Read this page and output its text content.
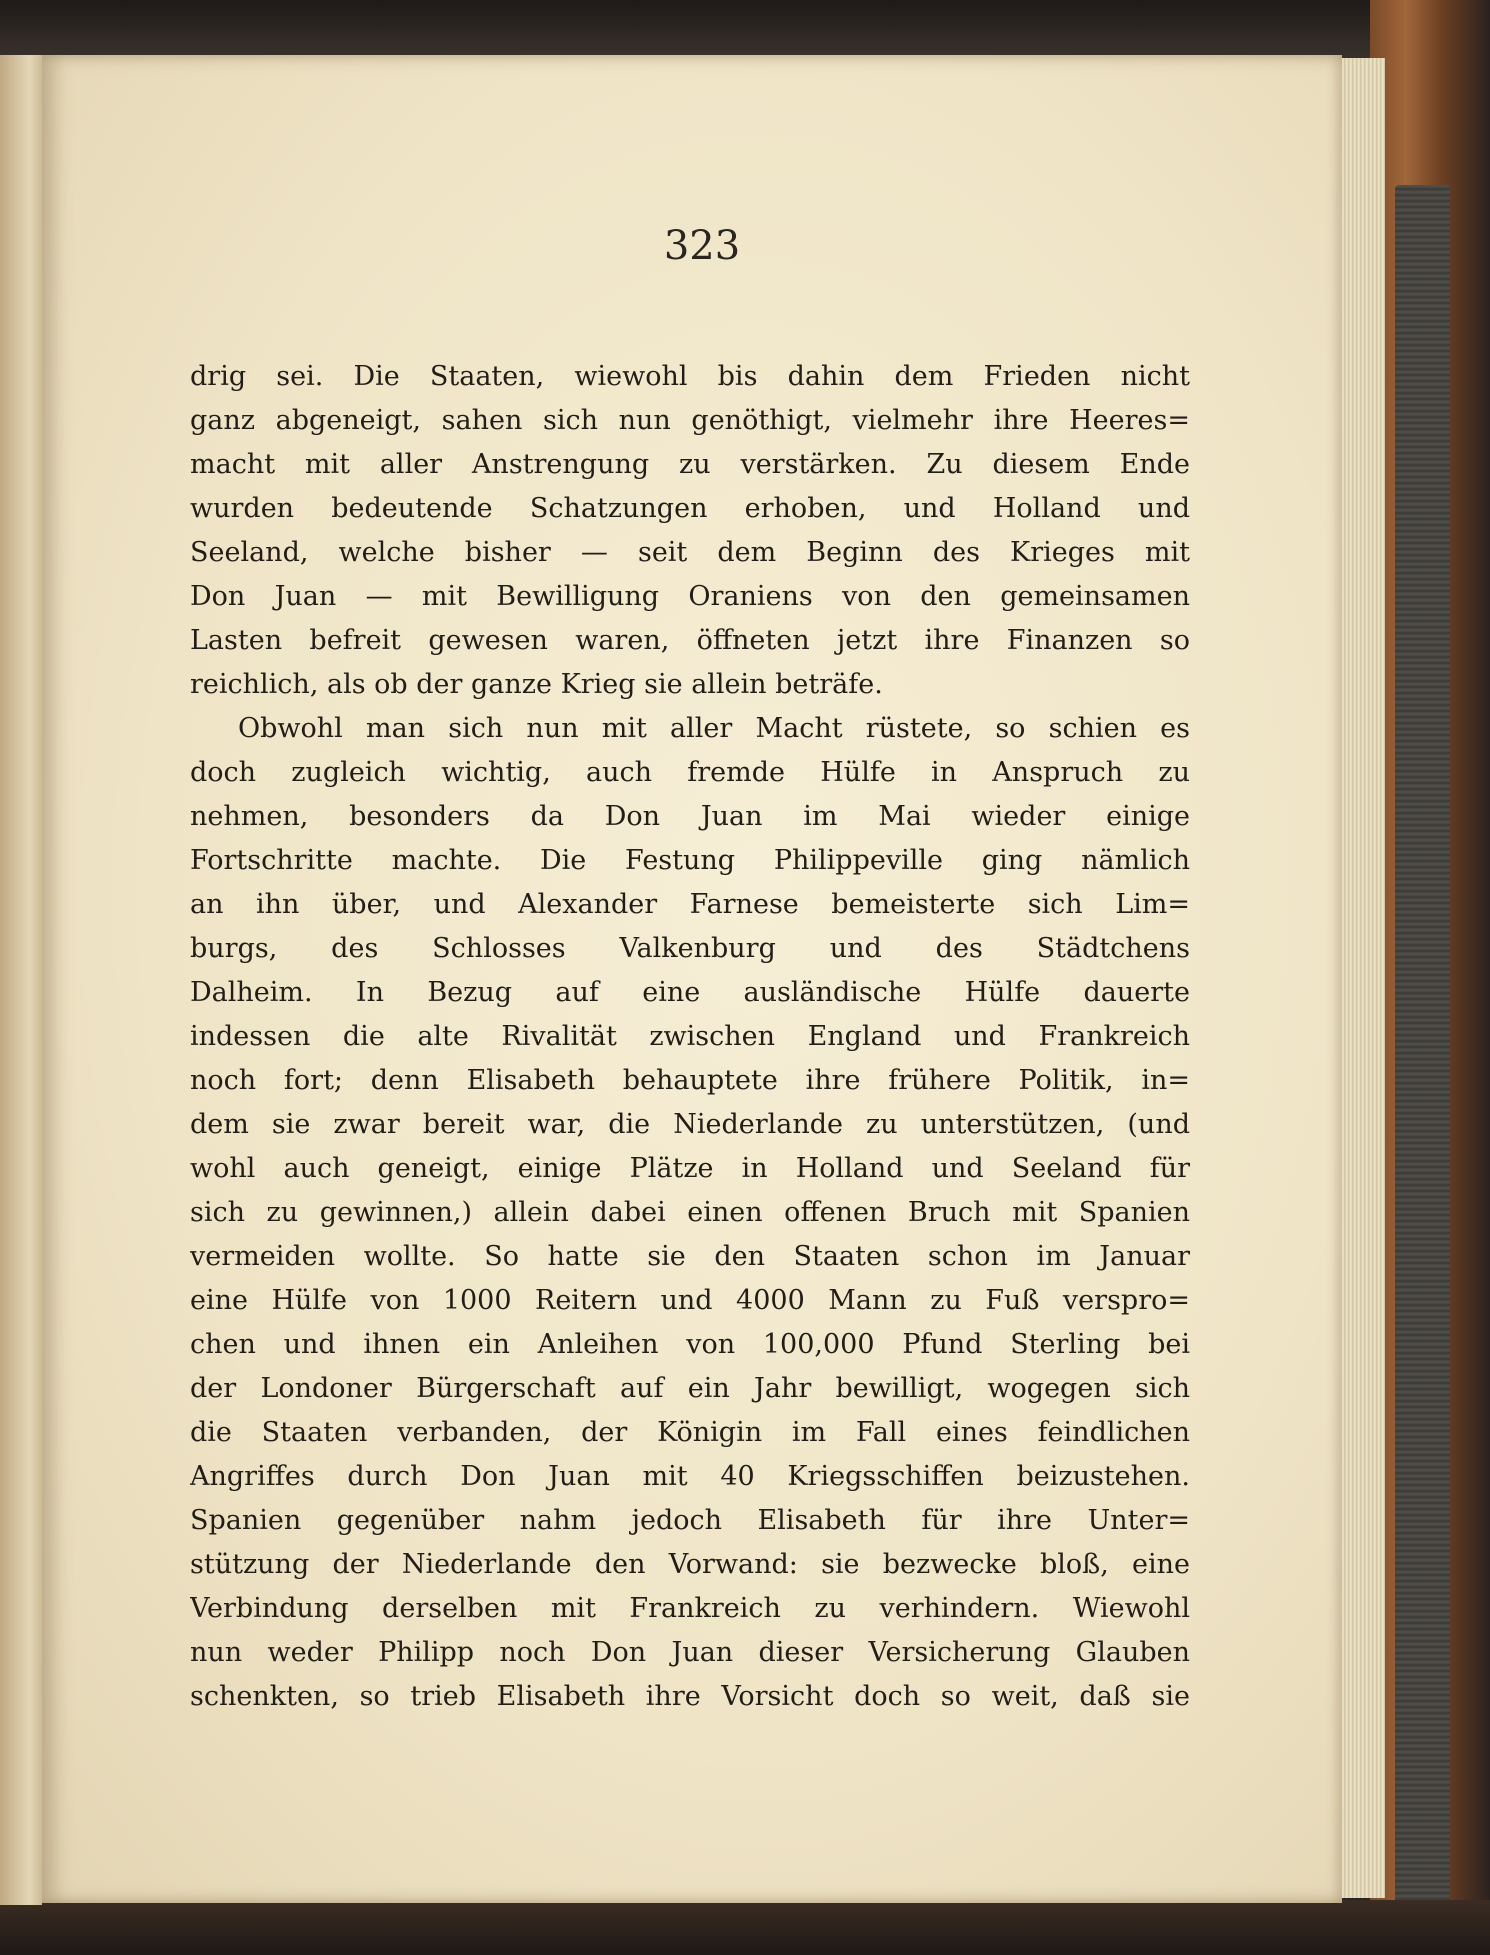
323
drig sei. Die Staaten, wiewohl bis dahin dem Frieden nicht
ganz abgeneigt, sahen sich nun genöthigt, vielmehr ihre Heeres=
macht mit aller Anstrengung zu verstärken. Zu diesem Ende
wurden bedeutende Schatzungen erhoben, und Holland und
Seeland, welche bisher — seit dem Beginn des Krieges mit
Don Juan — mit Bewilligung Oraniens von den gemeinsamen
Lasten befreit gewesen waren, öffneten jetzt ihre Finanzen so
reichlich, als ob der ganze Krieg sie allein beträfe.
Obwohl man sich nun mit aller Macht rüstete, so schien es
doch zugleich wichtig, auch fremde Hülfe in Anspruch zu
nehmen, besonders da Don Juan im Mai wieder einige
Fortschritte machte. Die Festung Philippeville ging nämlich
an ihn über, und Alexander Farnese bemeisterte sich Lim=
burgs, des Schlosses Valkenburg und des Städtchens
Dalheim. In Bezug auf eine ausländische Hülfe dauerte
indessen die alte Rivalität zwischen England und Frankreich
noch fort; denn Elisabeth behauptete ihre frühere Politik, in=
dem sie zwar bereit war, die Niederlande zu unterstützen, (und
wohl auch geneigt, einige Plätze in Holland und Seeland für
sich zu gewinnen,) allein dabei einen offenen Bruch mit Spanien
vermeiden wollte. So hatte sie den Staaten schon im Januar
eine Hülfe von 1000 Reitern und 4000 Mann zu Fuß verspro=
chen und ihnen ein Anleihen von 100,000 Pfund Sterling bei
der Londoner Bürgerschaft auf ein Jahr bewilligt, wogegen sich
die Staaten verbanden, der Königin im Fall eines feindlichen
Angriffes durch Don Juan mit 40 Kriegsschiffen beizustehen.
Spanien gegenüber nahm jedoch Elisabeth für ihre Unter=
stützung der Niederlande den Vorwand: sie bezwecke bloß, eine
Verbindung derselben mit Frankreich zu verhindern. Wiewohl
nun weder Philipp noch Don Juan dieser Versicherung Glauben
schenkten, so trieb Elisabeth ihre Vorsicht doch so weit, daß sie
